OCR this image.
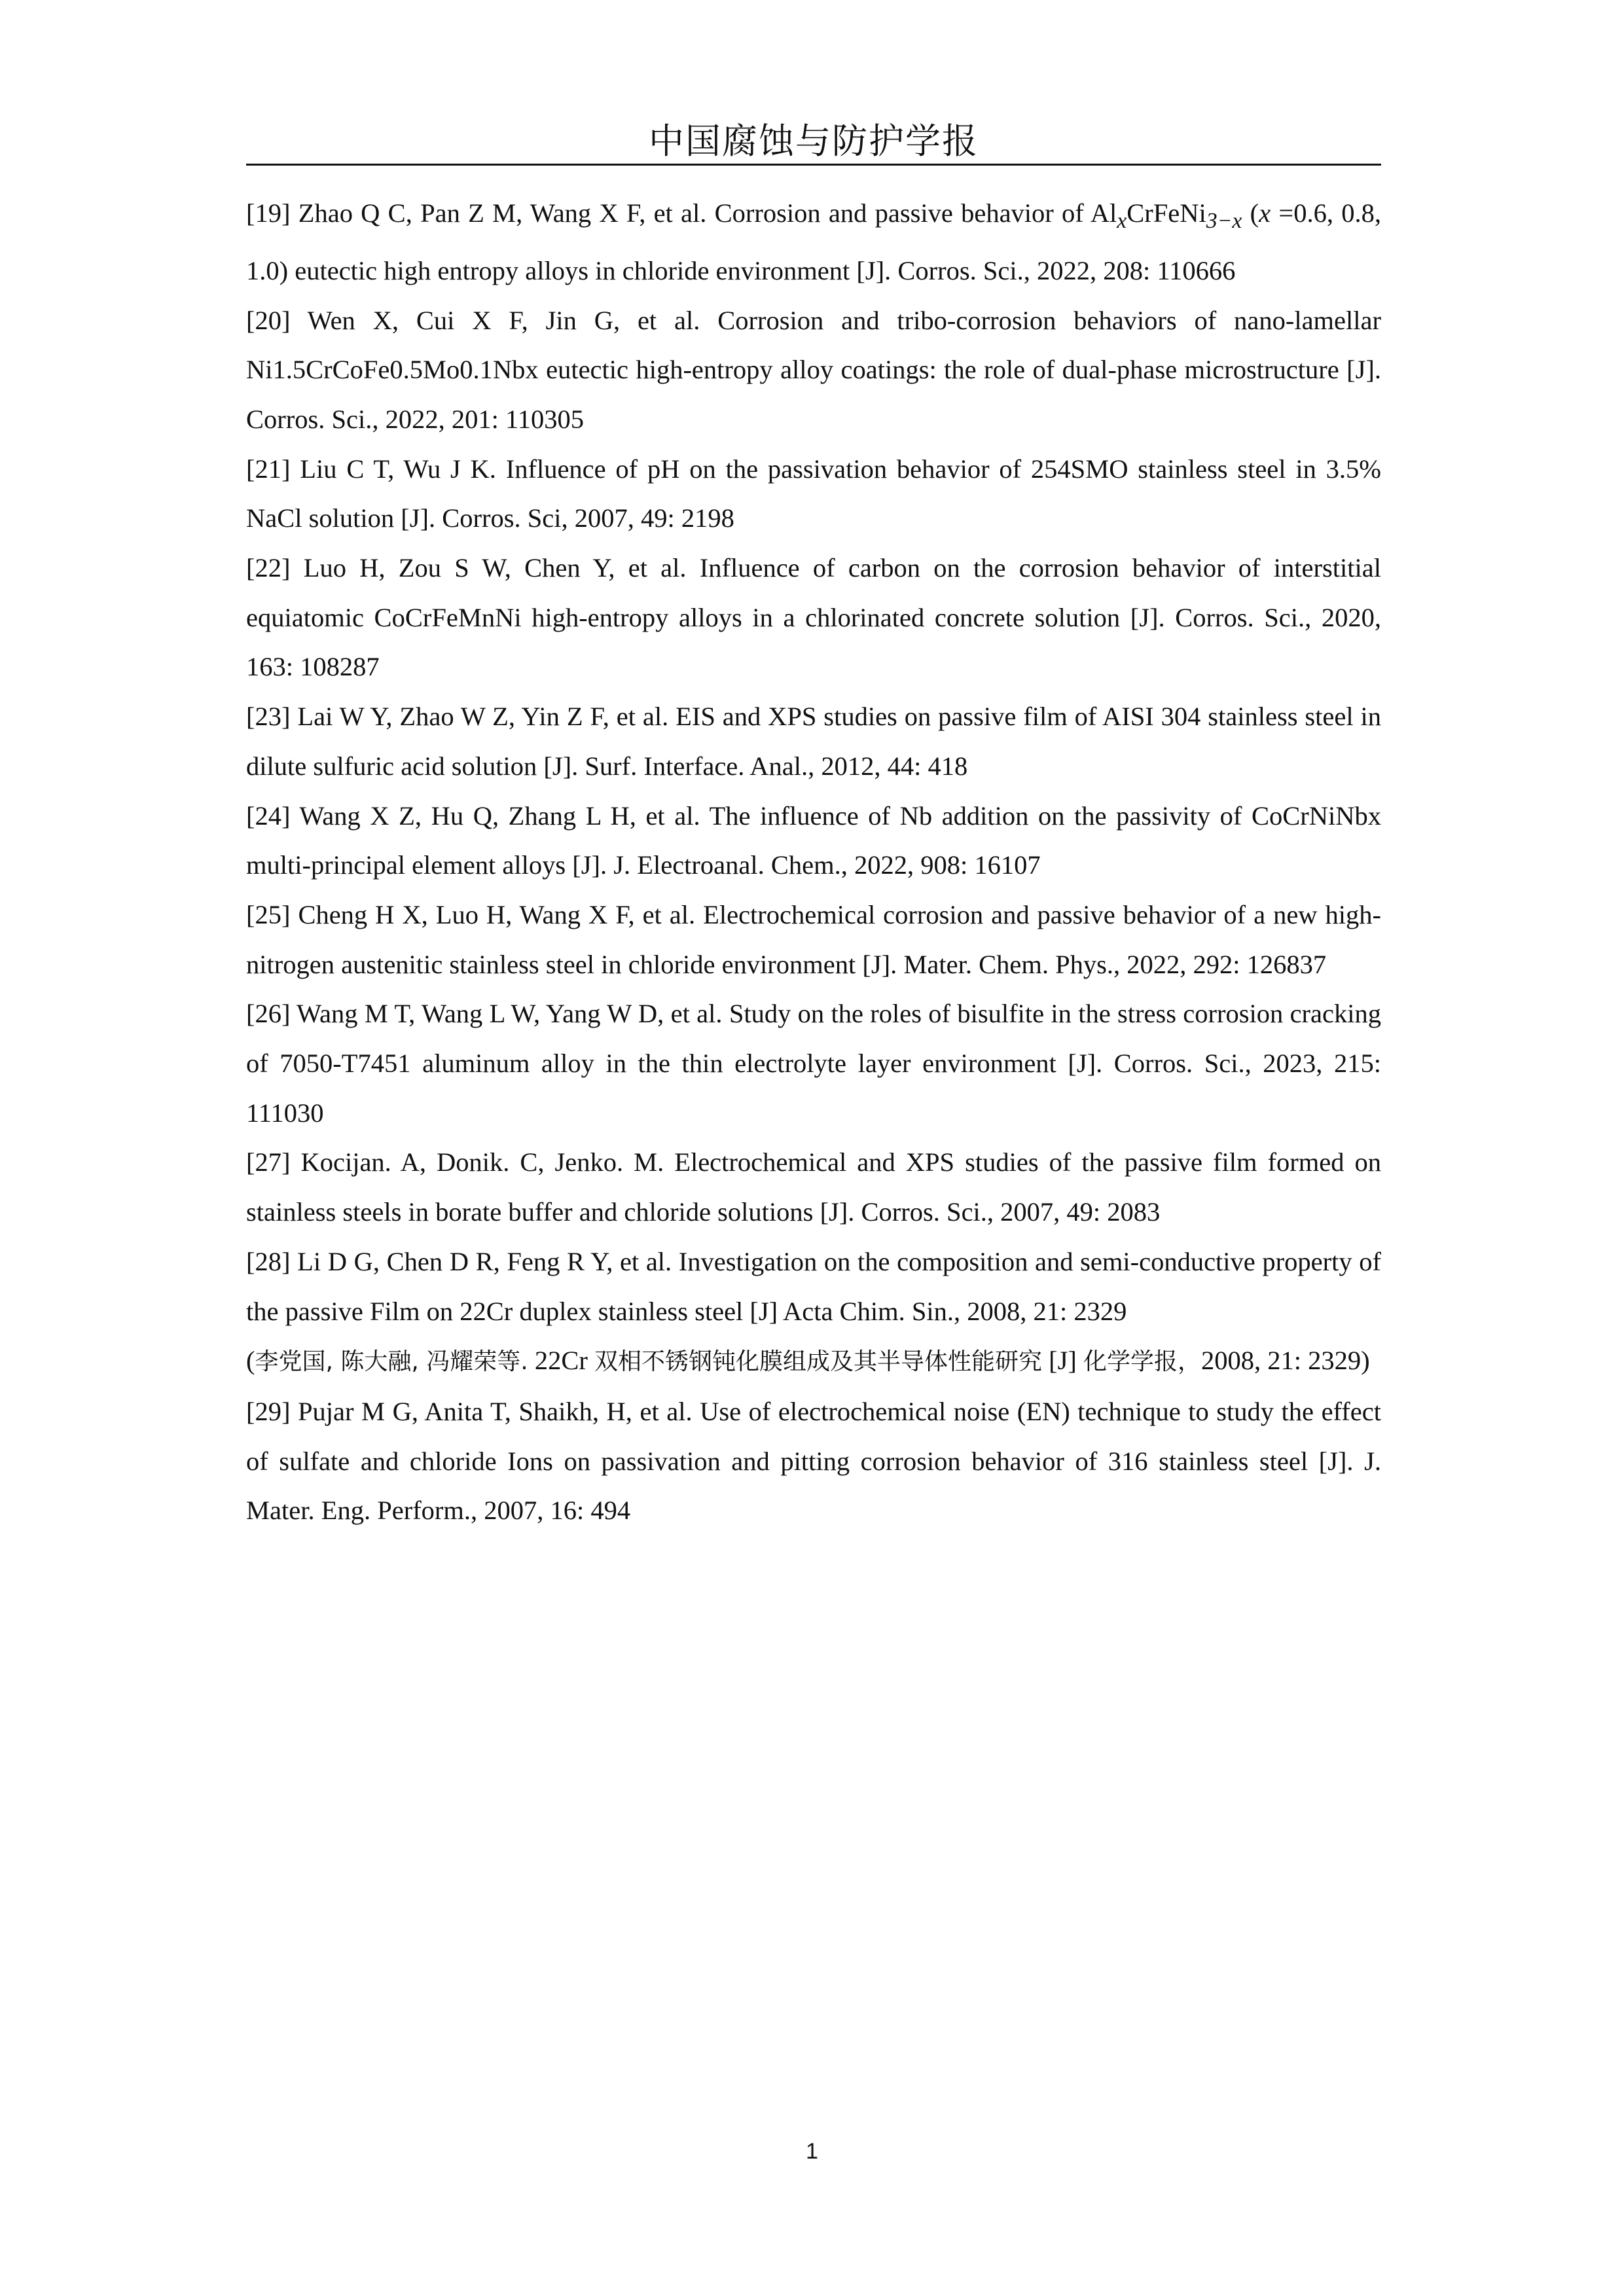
中国腐蚀与防护学报

[19] Zhao Q C, Pan Z M, Wang X F, et al. Corrosion and passive behavior of $Al_xCrFeNi_{3-x}$ (x =0.6, 0.8, 1.0) eutectic high entropy alloys in chloride environment [J]. Corros. Sci., 2022, 208: 110666

[20] Wen X, Cui X F, Jin G, et al. Corrosion and tribo-corrosion behaviors of nano-lamellar Ni1.5CrCoFe0.5Mo0.1Nbx eutectic high-entropy alloy coatings: the role of dual-phase microstructure [J]. Corros. Sci., 2022, 201: 110305

[21] Liu C T, Wu J K. Influence of pH on the passivation behavior of 254SMO stainless steel in 3.5% NaCl solution [J]. Corros. Sci, 2007, 49: 2198

[22] Luo H, Zou S W, Chen Y, et al. Influence of carbon on the corrosion behavior of interstitial equiatomic CoCrFeMnNi high-entropy alloys in a chlorinated concrete solution [J]. Corros. Sci., 2020, 163: 108287

[23] Lai W Y, Zhao W Z, Yin Z F, et al. EIS and XPS studies on passive film of AISI 304 stainless steel in dilute sulfuric acid solution [J]. Surf. Interface. Anal., 2012, 44: 418

[24] Wang X Z, Hu Q, Zhang L H, et al. The influence of Nb addition on the passivity of CoCrNiNbx multi-principal element alloys [J]. J. Electroanal. Chem., 2022, 908: 16107

[25] Cheng H X, Luo H, Wang X F, et al. Electrochemical corrosion and passive behavior of a new high-nitrogen austenitic stainless steel in chloride environment [J]. Mater. Chem. Phys., 2022, 292: 126837

[26] Wang M T, Wang L W, Yang W D, et al. Study on the roles of bisulfite in the stress corrosion cracking of 7050-T7451 aluminum alloy in the thin electrolyte layer environment [J]. Corros. Sci., 2023, 215: 111030

[27] Kocijan. A, Donik. C, Jenko. M. Electrochemical and XPS studies of the passive film formed on stainless steels in borate buffer and chloride solutions [J]. Corros. Sci., 2007, 49: 2083

[28] Li D G, Chen D R, Feng R Y, et al. Investigation on the composition and semi-conductive property of the passive Film on 22Cr duplex stainless steel [J] Acta Chim. Sin., 2008, 21: 2329
(李党国, 陈大融, 冯耀荣等. 22Cr 双相不锈钢钝化膜组成及其半导体性能研究 [J] 化学学报，2008, 21: 2329)

[29] Pujar M G, Anita T, Shaikh, H, et al. Use of electrochemical noise (EN) technique to study the effect of sulfate and chloride Ions on passivation and pitting corrosion behavior of 316 stainless steel [J]. J. Mater. Eng. Perform., 2007, 16: 494

1
